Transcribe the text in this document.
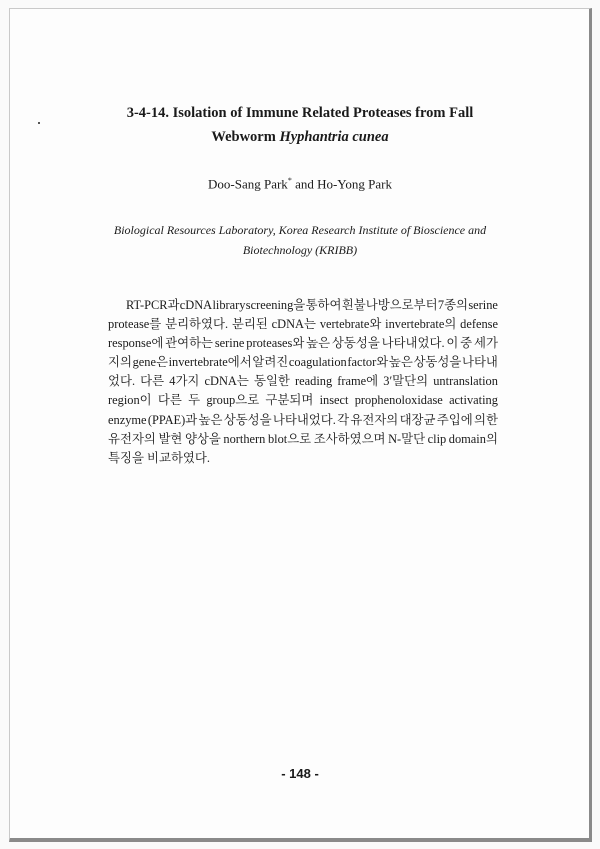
3-4-14. Isolation of Immune Related Proteases from Fall
Webworm Hyphantria cunea
Doo-Sang Park* and Ho-Yong Park
Biological Resources Laboratory, Korea Research Institute of Bioscience and
Biotechnology (KRIBB)
RT-PCR과 cDNA library screening을 통하여 흰불나방으로부터 7종의 serine
protease를 분리하였다. 분리된 cDNA는 vertebrate와 invertebrate의 defense
response에 관여하는 serine proteases와 높은 상동성을 나타내었다. 이 중 세가
지의 gene은 invertebrate에서 알려진 coagulation factor와 높은 상동성을 나타내
었다. 다른 4가지 cDNA는 동일한 reading frame에 3′말단의 untranslation
region이 다른 두 group으로 구분되며 insect prophenoloxidase activating
enzyme (PPAE)과 높은 상동성을 나타내었다. 각 유전자의 대장균 주입에 의한
유전자의 발현 양상을 northern blot으로 조사하였으며 N-말단 clip domain의
특징을 비교하였다.
- 148 -
